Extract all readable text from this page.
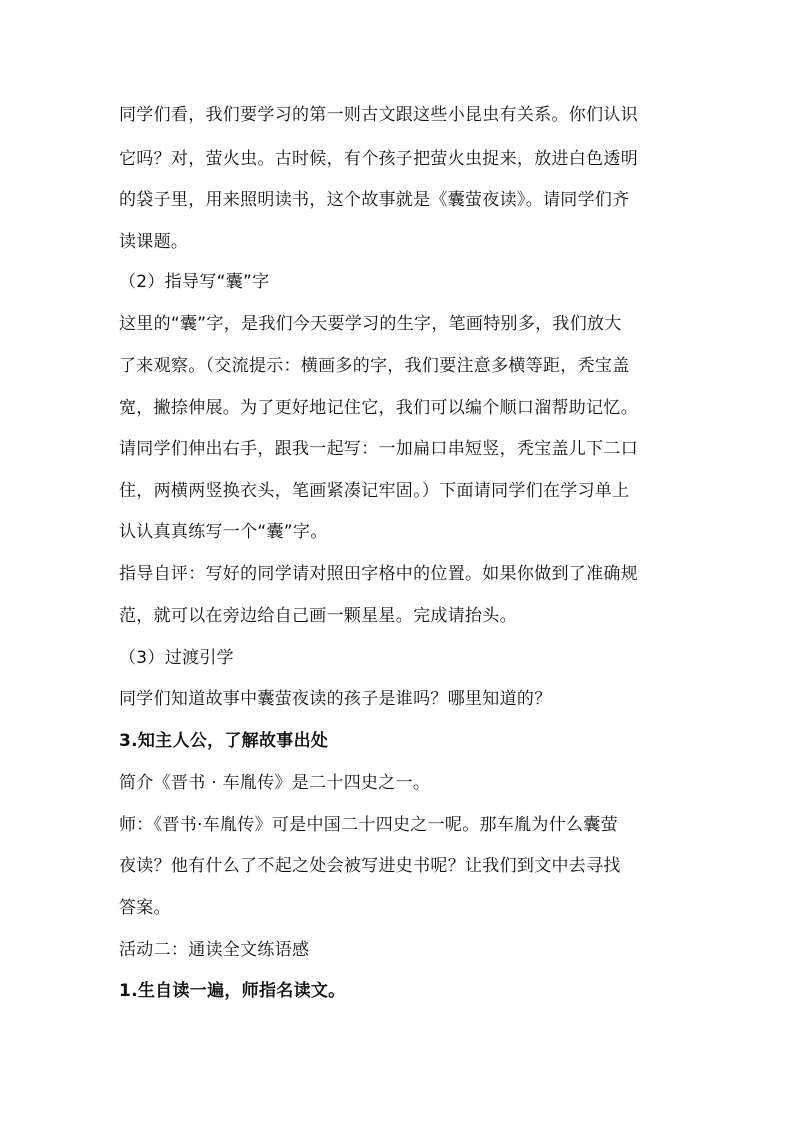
同学们看，我们要学习的第一则古文跟这些小昆虫有关系。你们认识
它吗？对，萤火虫。古时候，有个孩子把萤火虫捉来，放进白色透明
的袋子里，用来照明读书，这个故事就是《囊萤夜读》。请同学们齐
读课题。
（2）指导写“囊”字
这里的“囊”字，是我们今天要学习的生字，笔画特别多，我们放大
了来观察。（交流提示：横画多的字，我们要注意多横等距，秃宝盖
宽，撇捺伸展。为了更好地记住它，我们可以编个顺口溜帮助记忆。
请同学们伸出右手，跟我一起写：一加扁口串短竖，秃宝盖儿下二口
住，两横两竖换衣头，笔画紧凑记牢固。）下面请同学们在学习单上
认认真真练写一个“囊”字。
指导自评：写好的同学请对照田字格中的位置。如果你做到了准确规
范，就可以在旁边给自己画一颗星星。完成请抬头。
（3）过渡引学
同学们知道故事中囊萤夜读的孩子是谁吗？哪里知道的？
3.知主人公，了解故事出处
简介《晋书 · 车胤传》是二十四史之一。
师：《晋书·车胤传》可是中国二十四史之一呢。那车胤为什么囊萤
夜读？他有什么了不起之处会被写进史书呢？让我们到文中去寻找
答案。
活动二：通读全文练语感
1.生自读一遍，师指名读文。
